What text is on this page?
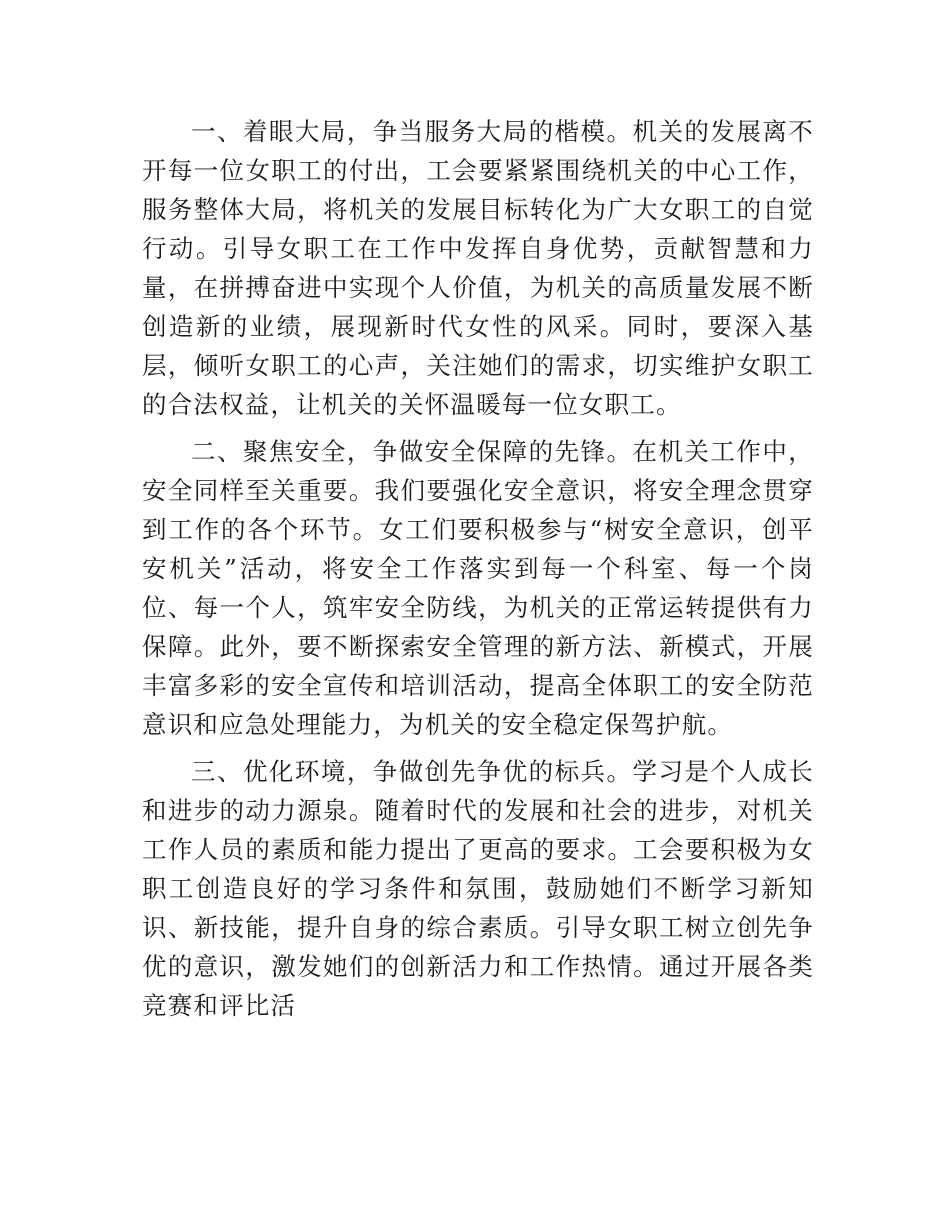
一、着眼大局，争当服务大局的楷模。机关的发展离不开每一位女职工的付出，工会要紧紧围绕机关的中心工作，服务整体大局，将机关的发展目标转化为广大女职工的自觉行动。引导女职工在工作中发挥自身优势，贡献智慧和力量，在拼搏奋进中实现个人价值，为机关的高质量发展不断创造新的业绩，展现新时代女性的风采。同时，要深入基层，倾听女职工的心声，关注她们的需求，切实维护女职工的合法权益，让机关的关怀温暖每一位女职工。

二、聚焦安全，争做安全保障的先锋。在机关工作中，安全同样至关重要。我们要强化安全意识，将安全理念贯穿到工作的各个环节。女工们要积极参与“树安全意识，创平安机关”活动，将安全工作落实到每一个科室、每一个岗位、每一个人，筑牢安全防线，为机关的正常运转提供有力保障。此外，要不断探索安全管理的新方法、新模式，开展丰富多彩的安全宣传和培训活动，提高全体职工的安全防范意识和应急处理能力，为机关的安全稳定保驾护航。

三、优化环境，争做创先争优的标兵。学习是个人成长和进步的动力源泉。随着时代的发展和社会的进步，对机关工作人员的素质和能力提出了更高的要求。工会要积极为女职工创造良好的学习条件和氛围，鼓励她们不断学习新知识、新技能，提升自身的综合素质。引导女职工树立创先争优的意识，激发她们的创新活力和工作热情。通过开展各类竞赛和评比活
